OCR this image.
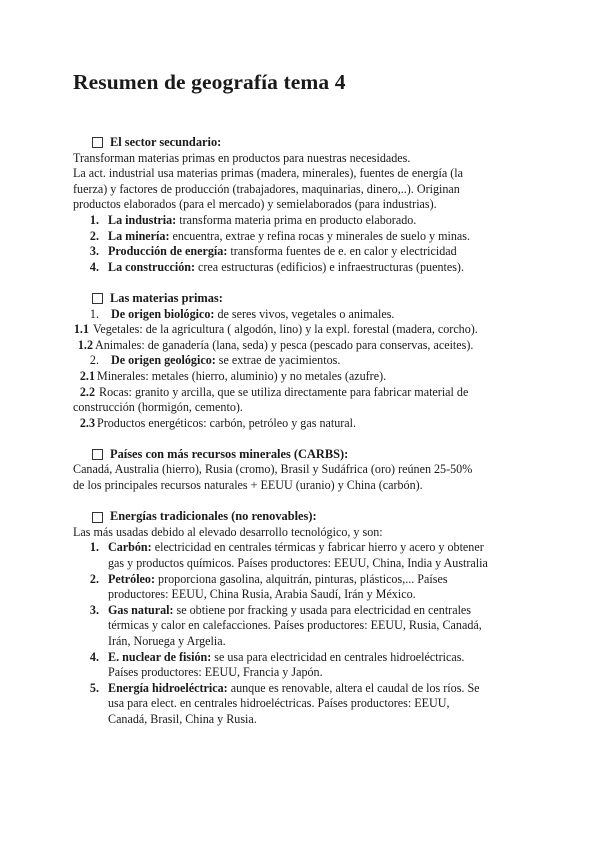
Resumen de geografía tema 4
El sector secundario:
Transforman materias primas en productos para nuestras necesidades.
La act. industrial usa materias primas (madera, minerales), fuentes de energía (la
fuerza) y factores de producción (trabajadores, maquinarias, dinero,..). Originan
productos elaborados (para el mercado) y semielaborados (para industrias).
1. La industria: transforma materia prima en producto elaborado.
2. La minería: encuentra, extrae y refina rocas y minerales de suelo y minas.
3. Producción de energía: transforma fuentes de e. en calor y electricidad
4. La construcción: crea estructuras (edificios) e infraestructuras (puentes).
Las materias primas:
1. De origen biológico: de seres vivos, vegetales o animales.
1.1 Vegetales: de la agricultura ( algodón, lino) y la expl. forestal (madera, corcho).
1.2 Animales: de ganadería (lana, seda) y pesca (pescado para conservas, aceites).
2. De origen geológico: se extrae de yacimientos.
2.1 Minerales: metales (hierro, aluminio) y no metales (azufre).
2.2 Rocas: granito y arcilla, que se utiliza directamente para fabricar material de
construcción (hormigón, cemento).
2.3 Productos energéticos: carbón, petróleo y gas natural.
Países con más recursos minerales (CARBS):
Canadá, Australia (hierro), Rusia (cromo), Brasil y Sudáfrica (oro) reúnen 25-50%
de los principales recursos naturales + EEUU (uranio) y China (carbón).
Energías tradicionales (no renovables):
Las más usadas debido al elevado desarrollo tecnológico, y son:
1. Carbón: electricidad en centrales térmicas y fabricar hierro y acero y obtener
gas y productos químicos. Países productores: EEUU, China, India y Australia
2. Petróleo: proporciona gasolina, alquitrán, pinturas, plásticos,... Países
productores: EEUU, China Rusia, Arabia Saudí, Irán y México.
3. Gas natural: se obtiene por fracking y usada para electricidad en centrales
térmicas y calor en calefacciones. Países productores: EEUU, Rusia, Canadá,
Irán, Noruega y Argelia.
4. E. nuclear de fisión: se usa para electricidad en centrales hidroeléctricas.
Países productores: EEUU, Francia y Japón.
5. Energía hidroeléctrica: aunque es renovable, altera el caudal de los ríos. Se
usa para elect. en centrales hidroeléctricas. Países productores: EEUU,
Canadá, Brasil, China y Rusia.
